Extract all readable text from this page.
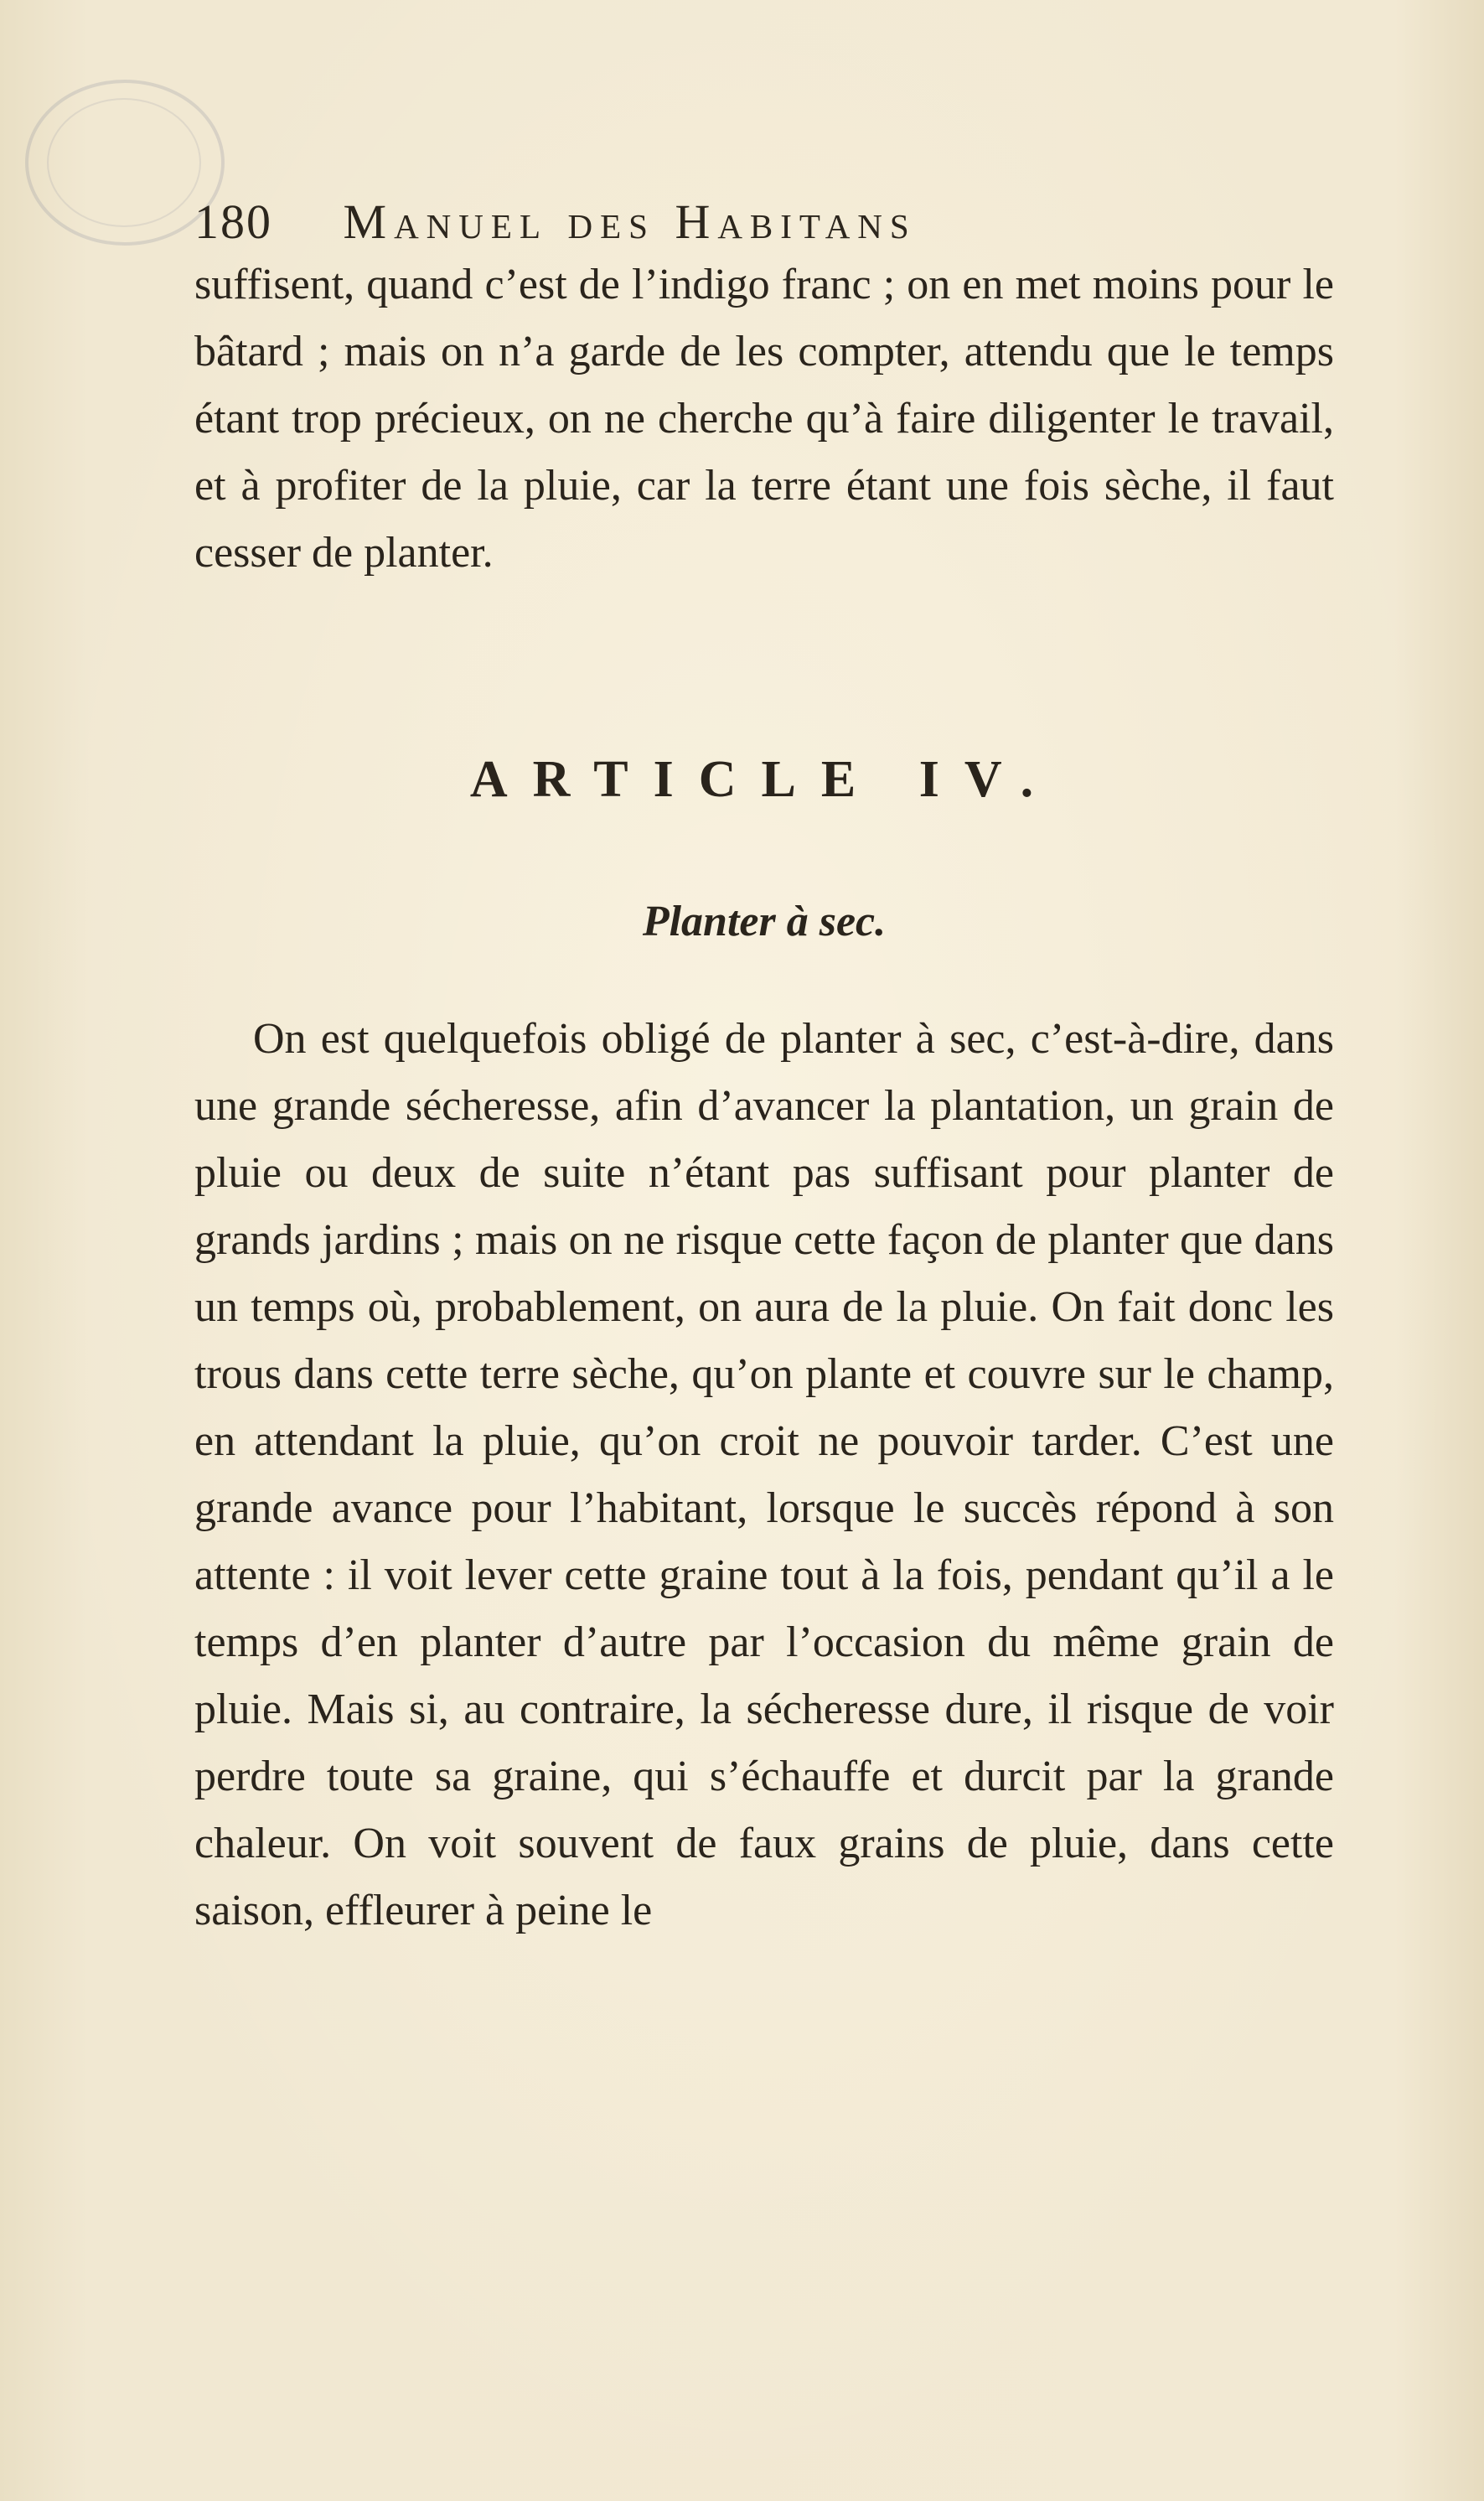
180 Manuel des Habitans

suffisent, quand c’est de l’indigo franc ; on en met moins pour le bâtard ; mais on n’a garde de les compter, attendu que le temps étant trop précieux, on ne cherche qu’à faire diligenter le travail, et à profiter de la pluie, car la terre étant une fois sèche, il faut cesser de planter.

ARTICLE IV.
Planter à sec.

On est quelquefois obligé de planter à sec, c’est-à-dire, dans une grande sécheresse, afin d’avancer la plantation, un grain de pluie ou deux de suite n’étant pas suffisant pour planter de grands jardins ; mais on ne risque cette façon de planter que dans un temps où, probablement, on aura de la pluie. On fait donc les trous dans cette terre sèche, qu’on plante et couvre sur le champ, en attendant la pluie, qu’on croit ne pouvoir tarder. C’est une grande avance pour l’habitant, lorsque le succès répond à son attente : il voit lever cette graine tout à la fois, pendant qu’il a le temps d’en planter d’autre par l’occasion du même grain de pluie. Mais si, au contraire, la sécheresse dure, il risque de voir perdre toute sa graine, qui s’échauffe et durcit par la grande chaleur. On voit souvent de faux grains de pluie, dans cette saison, effleurer à peine le
